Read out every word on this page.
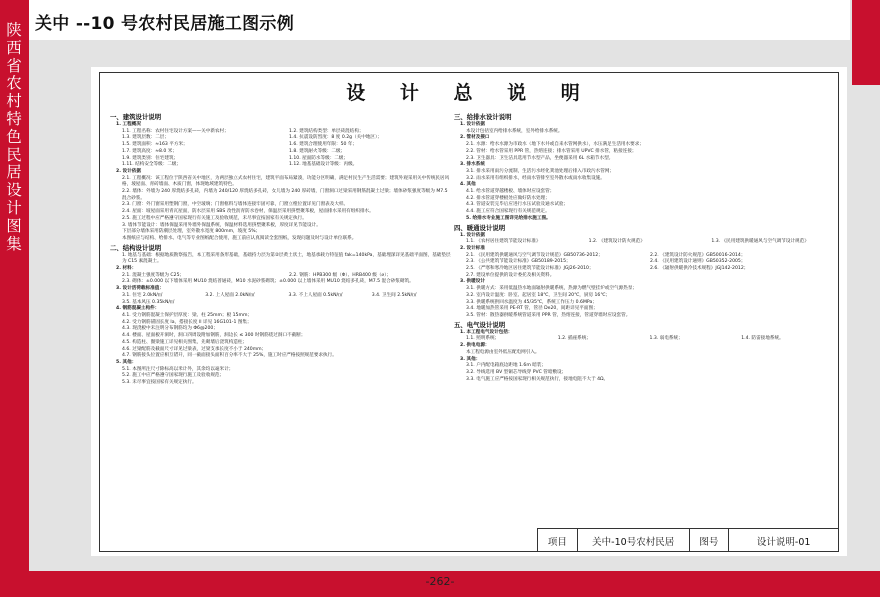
陕西省农村特色民居设计图集
关中 --10 号农村民居施工图示例
设 计 总 说 明
一、建筑设计说明
1. 工程概况
1.1. 工程名称：农村住宅设计方案——关中新农村；	1.2. 建筑结构类型：单层砖混结构；
1.3. 建筑层数：二层；	1.4. 抗震设防烈度：8 度 0.2g（关中地区）；
1.5. 建筑面积：≈163 平方米；	1.6. 建筑合理使用年限：50 年；
1.7. 建筑高度：≈8.0 米；	1.8. 建筑耐火等级：二级；
1.9. 建筑类别：住宅建筑；	1.10. 屋面防水等级：二级；
1.11. 结构安全等级：二级；	1.12. 地基基础设计等级：丙级。
2. 设计依据
2.1. 工程概况：该工程位于陕西省关中地区，为两层独立式农村住宅，建筑平面布局紧凑，功能分区明确，满足村民生产生活需要；建筑外观采用关中传统民居风格，坡屋面、青砖墙面、木质门窗，体现地域建筑特色。
2.2. 墙体：外墙为 240 厚烧结多孔砖，内墙为 240/120 厚烧结多孔砖，女儿墙为 240 厚砖墙，门窗洞口过梁采用钢筋混凝土过梁；墙体砂浆强度等级为 M7.5 混合砂浆。
2.3. 门窗：外门窗采用塑钢门窗，中空玻璃；门窗框料与墙体连接牢固可靠，门窗立樘位置详见门窗表及大样。
2.4. 屋面：坡屋面采用青瓦屋面，防水层采用 SBS 改性沥青防水卷材，保温层采用挤塑聚苯板，屋面排水采用有组织排水。
2.5. 施工过程中应严格遵守国家现行有关施工及验收规范，未尽事宜按国家有关规定执行。
3. 墙体节能设计：墙体保温采用外墙外保温系统，保温材料选用挤塑聚苯板，厚度详见节能设计。
下层部分墙体采用防潮层处理，室外散水宽度 800mm，坡度 5%；
本图纸应与结构、给排水、电气等专业图纸配合使用，施工前应认真阅读全套图纸，发现问题及时与设计单位联系。
二、结构设计说明
1. 地基与基础：根据地质勘察报告，本工程采用条形基础，基础持力层为第②层黄土状土，地基承载力特征值 fak=140kPa，基础埋深详见基础平面图，基础垫层为 C15 素混凝土。
2. 材料：
2.1. 混凝土强度等级为 C25；	2.2. 钢筋：HPB300 级（Φ）、HRB400 级（⌀）；
2.3. 砌体：±0.000 以下墙体采用 MU10 烧结普通砖，M10 水泥砂浆砌筑；±0.000 以上墙体采用 MU10 烧结多孔砖，M7.5 混合砂浆砌筑。
3. 设计活荷载标准值：
3.1. 住宅 2.0kN/㎡	3.2. 上人屋面 2.0kN/㎡	3.3. 不上人屋面 0.5kN/㎡	3.4. 卫生间 2.5kN/㎡
3.5. 基本风压 0.35kN/㎡
4. 钢筋混凝土构件：
4.1. 受力钢筋混凝土保护层厚度：梁、柱 25mm；板 15mm；
4.2. 受力钢筋锚固长度 la，搭接长度 ll 详见 16G101-1 图集；
4.3. 现浇板中未注明分布钢筋均为 Φ6@200；
4.4. 楼面、屋面板开洞时，洞口四周设附加钢筋，洞边长 ≤ 300 时钢筋绕过洞口不截断；
4.5. 构造柱、圈梁施工详见相关图集，先砌墙后浇筑构造柱；
4.6. 过梁配筋及截面尺寸详见过梁表，过梁支承长度不小于 240mm；
4.7. 钢筋接头位置应相互错开，同一截面接头面积百分率不大于 25%，施工时应严格按照规范要求执行。
5. 其他：
5.1. 本图所注尺寸除标高以米计外，其余均以毫米计；
5.2. 施工中应严格遵守国家现行施工及验收规范；
5.3. 未尽事宜按国家有关规定执行。
三、给排水设计说明
1. 设计依据
本设计包括室内给排水系统，室外给排水系统。
2. 管材及接口
2.1. 水源：给水水源为市政水（地下水井或自来水管网供水），水压满足生活用水要求；
2.2. 管材：给水管采用 PPR 管，热熔连接；排水管采用 UPVC 排水管，粘接连接；
2.3. 卫生器具：卫生洁具选用节水型产品，坐便器采用 6L 水箱节水型。
3. 排水系统
3.1. 排水采用雨污分流制，生活污水经化粪池处理后排入市政污水管网；
3.2. 雨水采用有组织排水，经雨水管排至室外散水或雨水收集设施。
4. 其他
4.1. 给水管道穿越楼板、墙体时应设套管；
4.2. 排水管道穿楼板处应做好防水处理；
4.3. 管道安装完毕后应进行水压试验及通水试验；
4.4. 施工应符合国家现行有关规范规定。
5. 给排水专业施工图详见给排水施工图。
四、暖通设计说明
1. 设计依据
1.1. 《农村居住建筑节能设计标准》	1.2. 《建筑设计防火规范》	1.3. 《民用建筑供暖通风与空气调节设计规范》
2. 设计标准
2.1. 《民用建筑供暖通风与空气调节设计规范》GB50736-2012；	2.2. 《建筑设计防火规范》GB50016-2014；
2.3. 《公共建筑节能设计标准》GB50189-2015；	2.4. 《民用建筑设计通则》GB50352-2005；
2.5. 《严寒和寒冷地区居住建筑节能设计标准》JGJ26-2010；	2.6. 《辐射供暖供冷技术规程》JGJ142-2012；
2.7. 建设单位提供的设计委托及相关资料。
3. 供暖设计
3.1. 供暖方式：采用低温热水地面辐射供暖系统，热源为燃气壁挂炉或空气源热泵；
3.2. 室内设计温度：卧室、起居室 18℃，卫生间 20℃，厨房 16℃；
3.3. 供暖系统供回水温度为 45/35℃，系统工作压力 0.6MPa；
3.4. 地暖加热管采用 PE-RT 管，管径 De20，间距详见平面图；
3.5. 管材：散热器供暖系统管道采用 PPR 管，热熔连接，管道穿墙时应设套管。
五、电气设计说明
1. 本工程电气设计包括：
1.1. 照明系统；	1.2. 插座系统；	1.3. 弱电系统；	1.4. 防雷接地系统。
2. 供电电源：
本工程电源由室外低压配电网引入。
3. 其他：
3.1. 户内配电箱底边距地 1.6m 暗装；
3.2. 导线选用 BV 型铜芯导线穿 PVC 管暗敷设；
3.3. 电气施工应严格按国家现行相关规范执行，接地电阻不大于 4Ω。
项目	关中-10号农村民居	图号	设计说明-01
-262-
